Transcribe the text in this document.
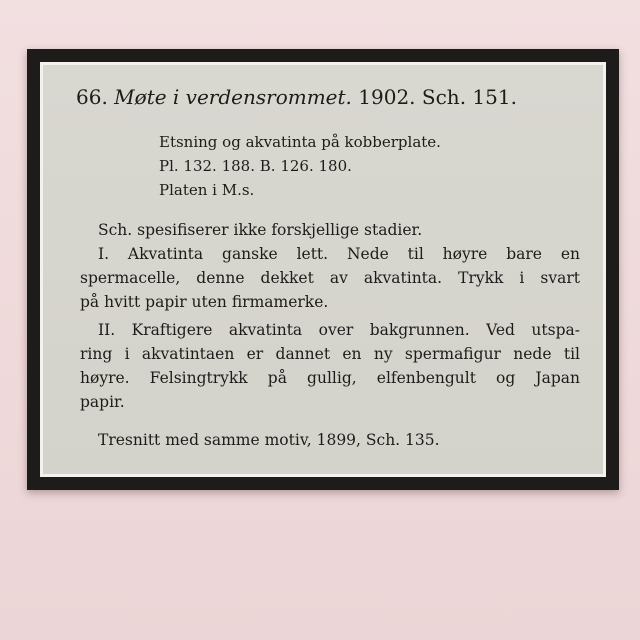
66. Møte i verdensrommet. 1902. Sch. 151.
Etsning og akvatinta på kobberplate.
Pl. 132. 188. B. 126. 180.
Platen i M.s.
Sch. spesifiserer ikke forskjellige stadier.
I. Akvatinta ganske lett. Nede til høyre bare en
spermacelle, denne dekket av akvatinta. Trykk i svart
på hvitt papir uten firmamerke.
II. Kraftigere akvatinta over bakgrunnen. Ved utspa-
ring i akvatintaen er dannet en ny spermafigur nede til
høyre. Felsingtrykk på gullig, elfenbengult og Japan
papir.
Tresnitt med samme motiv, 1899, Sch. 135.
